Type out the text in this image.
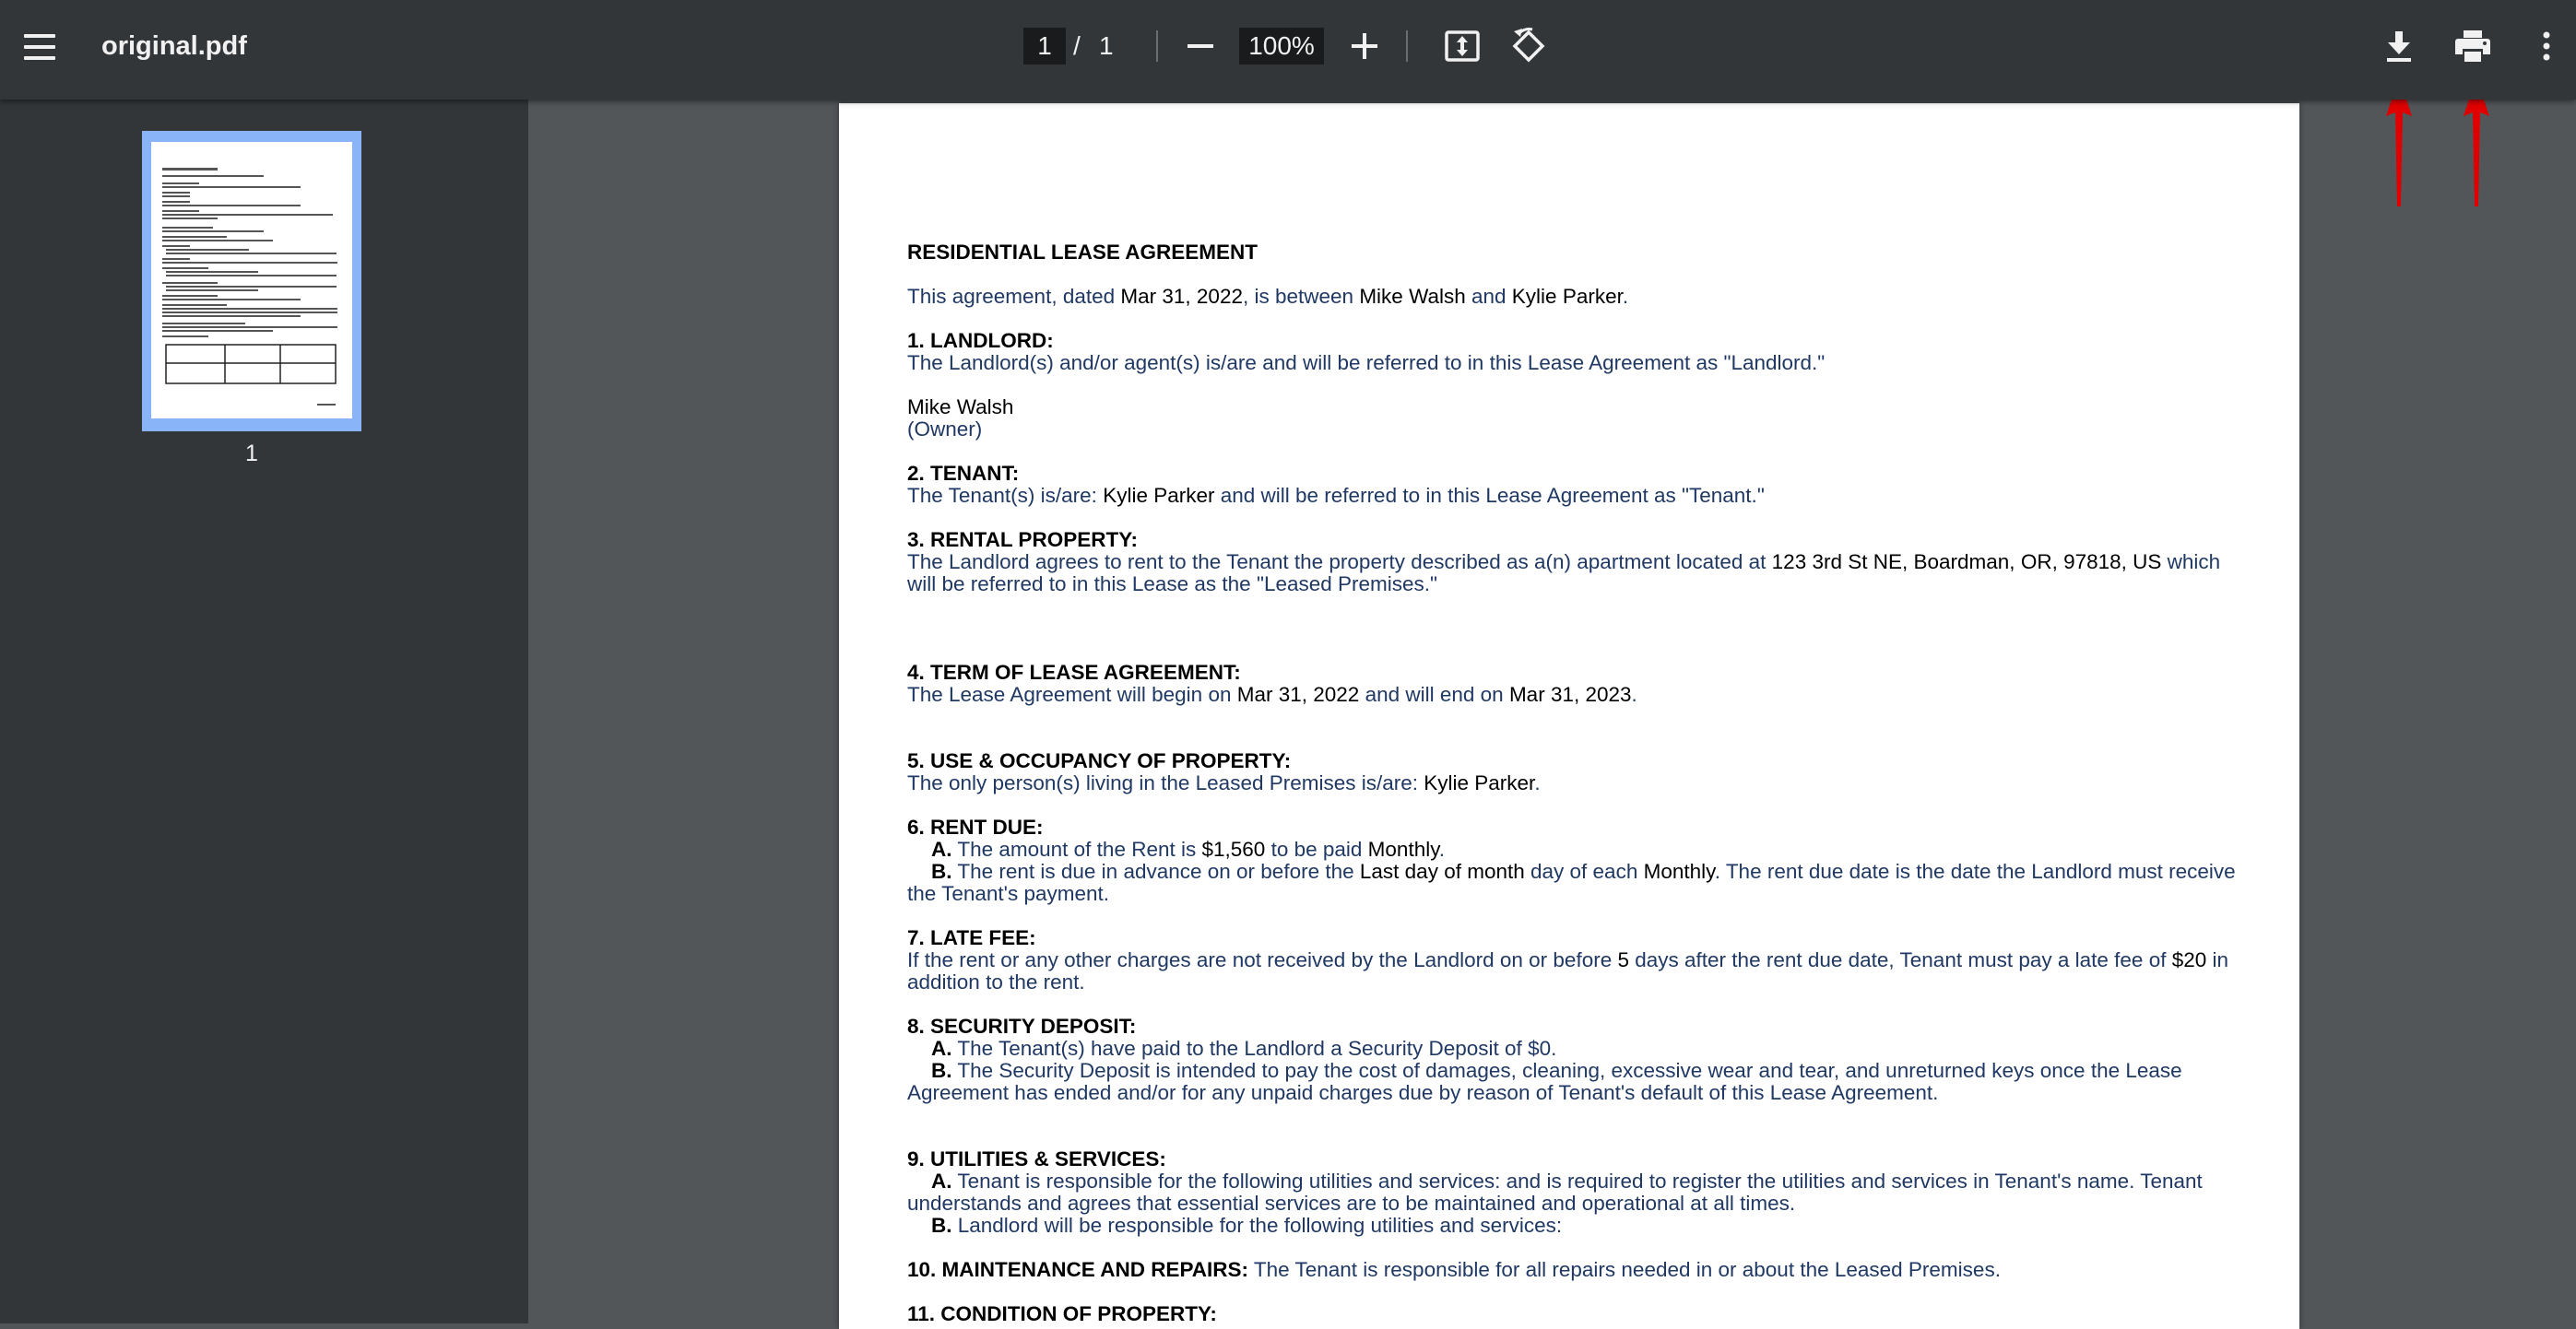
original.pdf	1 / 1	100%
1

RESIDENTIAL LEASE AGREEMENT

This agreement, dated Mar 31, 2022, is between Mike Walsh and Kylie Parker.

1. LANDLORD:

The Landlord(s) and/or agent(s) is/are and will be referred to in this Lease Agreement as "Landlord."

Mike Walsh

(Owner)

2. TENANT:

The Tenant(s) is/are: Kylie Parker and will be referred to in this Lease Agreement as "Tenant."

3. RENTAL PROPERTY:

The Landlord agrees to rent to the Tenant the property described as a(n) apartment located at 123 3rd St NE, Boardman, OR, 97818, US which will be referred to in this Lease as the "Leased Premises."

4. TERM OF LEASE AGREEMENT:

The Lease Agreement will begin on Mar 31, 2022 and will end on Mar 31, 2023.

5. USE & OCCUPANCY OF PROPERTY:

The only person(s) living in the Leased Premises is/are: Kylie Parker.

6. RENT DUE:

A. The amount of the Rent is $1,560 to be paid Monthly.

B. The rent is due in advance on or before the Last day of month day of each Monthly. The rent due date is the date the Landlord must receive the Tenant's payment.

7. LATE FEE:

If the rent or any other charges are not received by the Landlord on or before 5 days after the rent due date, Tenant must pay a late fee of $20 in addition to the rent.

8. SECURITY DEPOSIT:

A. The Tenant(s) have paid to the Landlord a Security Deposit of $0.

B. The Security Deposit is intended to pay the cost of damages, cleaning, excessive wear and tear, and unreturned keys once the Lease Agreement has ended and/or for any unpaid charges due by reason of Tenant's default of this Lease Agreement.

9. UTILITIES & SERVICES:

A. Tenant is responsible for the following utilities and services: and is required to register the utilities and services in Tenant's name. Tenant understands and agrees that essential services are to be maintained and operational at all times.

B. Landlord will be responsible for the following utilities and services:

10. MAINTENANCE AND REPAIRS: The Tenant is responsible for all repairs needed in or about the Leased Premises.

11. CONDITION OF PROPERTY:
